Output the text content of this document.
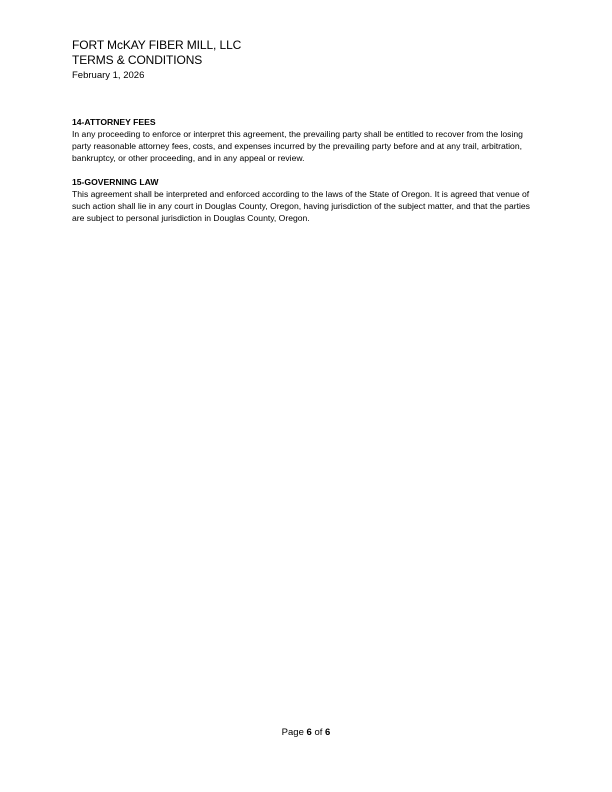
FORT McKAY FIBER MILL, LLC
TERMS & CONDITIONS
February 1, 2026
14-ATTORNEY FEES

In any proceeding to enforce or interpret this agreement, the prevailing party shall be entitled to recover from the losing party reasonable attorney fees, costs, and expenses incurred by the prevailing party before and at any trail, arbitration, bankruptcy, or other proceeding, and in any appeal or review.

15-GOVERNING LAW

This agreement shall be interpreted and enforced according to the laws of the State of Oregon. It is agreed that venue of such action shall lie in any court in Douglas County, Oregon, having jurisdiction of the subject matter, and that the parties are subject to personal jurisdiction in Douglas County, Oregon.

Page 6 of 6
